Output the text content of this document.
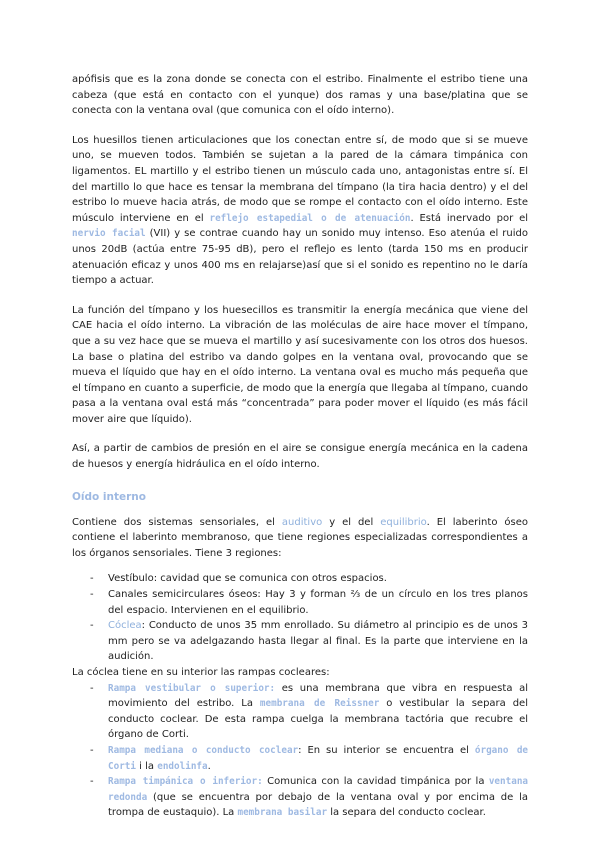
apófisis que es la zona donde se conecta con el estribo. Finalmente el estribo tiene una cabeza (que está en contacto con el yunque) dos ramas y una base/platina que se conecta con la ventana oval (que comunica con el oído interno).

Los huesillos tienen articulaciones que los conectan entre sí, de modo que si se mueve uno, se mueven todos. También se sujetan a la pared de la cámara timpánica con ligamentos. EL martillo y el estribo tienen un músculo cada uno, antagonistas entre sí. El del martillo lo que hace es tensar la membrana del tímpano (la tira hacia dentro) y el del estribo lo mueve hacia atrás, de modo que se rompe el contacto con el oído interno. Este músculo interviene en el reflejo estapedial o de atenuación. Está inervado por el nervio facial (VII) y se contrae cuando hay un sonido muy intenso. Eso atenúa el ruido unos 20dB (actúa entre 75-95 dB), pero el reflejo es lento (tarda 150 ms en producir atenuación eficaz y unos 400 ms en relajarse)así que si el sonido es repentino no le daría tiempo a actuar.

La función del tímpano y los huesecillos es transmitir la energía mecánica que viene del CAE hacia el oído interno. La vibración de las moléculas de aire hace mover el tímpano, que a su vez hace que se mueva el martillo y así sucesivamente con los otros dos huesos. La base o platina del estribo va dando golpes en la ventana oval, provocando que se mueva el líquido que hay en el oído interno. La ventana oval es mucho más pequeña que el tímpano en cuanto a superficie, de modo que la energía que llegaba al tímpano, cuando pasa a la ventana oval está más “concentrada” para poder mover el líquido (es más fácil mover aire que líquido).

Así, a partir de cambios de presión en el aire se consigue energía mecánica en la cadena de huesos y energía hidráulica en el oído interno.

Oído interno

Contiene dos sistemas sensoriales, el auditivo y el del equilibrio. El laberinto óseo contiene el laberinto membranoso, que tiene regiones especializadas correspondientes a los órganos sensoriales. Tiene 3 regiones:

- Vestíbulo: cavidad que se comunica con otros espacios.
- Canales semicirculares óseos: Hay 3 y forman ⅔ de un círculo en los tres planos del espacio. Intervienen en el equilibrio.
- Cóclea: Conducto de unos 35 mm enrollado. Su diámetro al principio es de unos 3 mm pero se va adelgazando hasta llegar al final. Es la parte que interviene en la audición.

La cóclea tiene en su interior las rampas cocleares:

- Rampa vestibular o superior: es una membrana que vibra en respuesta al movimiento del estribo. La membrana de Reissner o vestibular la separa del conducto coclear. De esta rampa cuelga la membrana tactória que recubre el órgano de Corti.
- Rampa mediana o conducto coclear: En su interior se encuentra el órgano de Corti i la endolinfa.
- Rampa timpánica o inferior: Comunica con la cavidad timpánica por la ventana redonda (que se encuentra por debajo de la ventana oval y por encima de la trompa de eustaquio). La membrana basilar la separa del conducto coclear.
